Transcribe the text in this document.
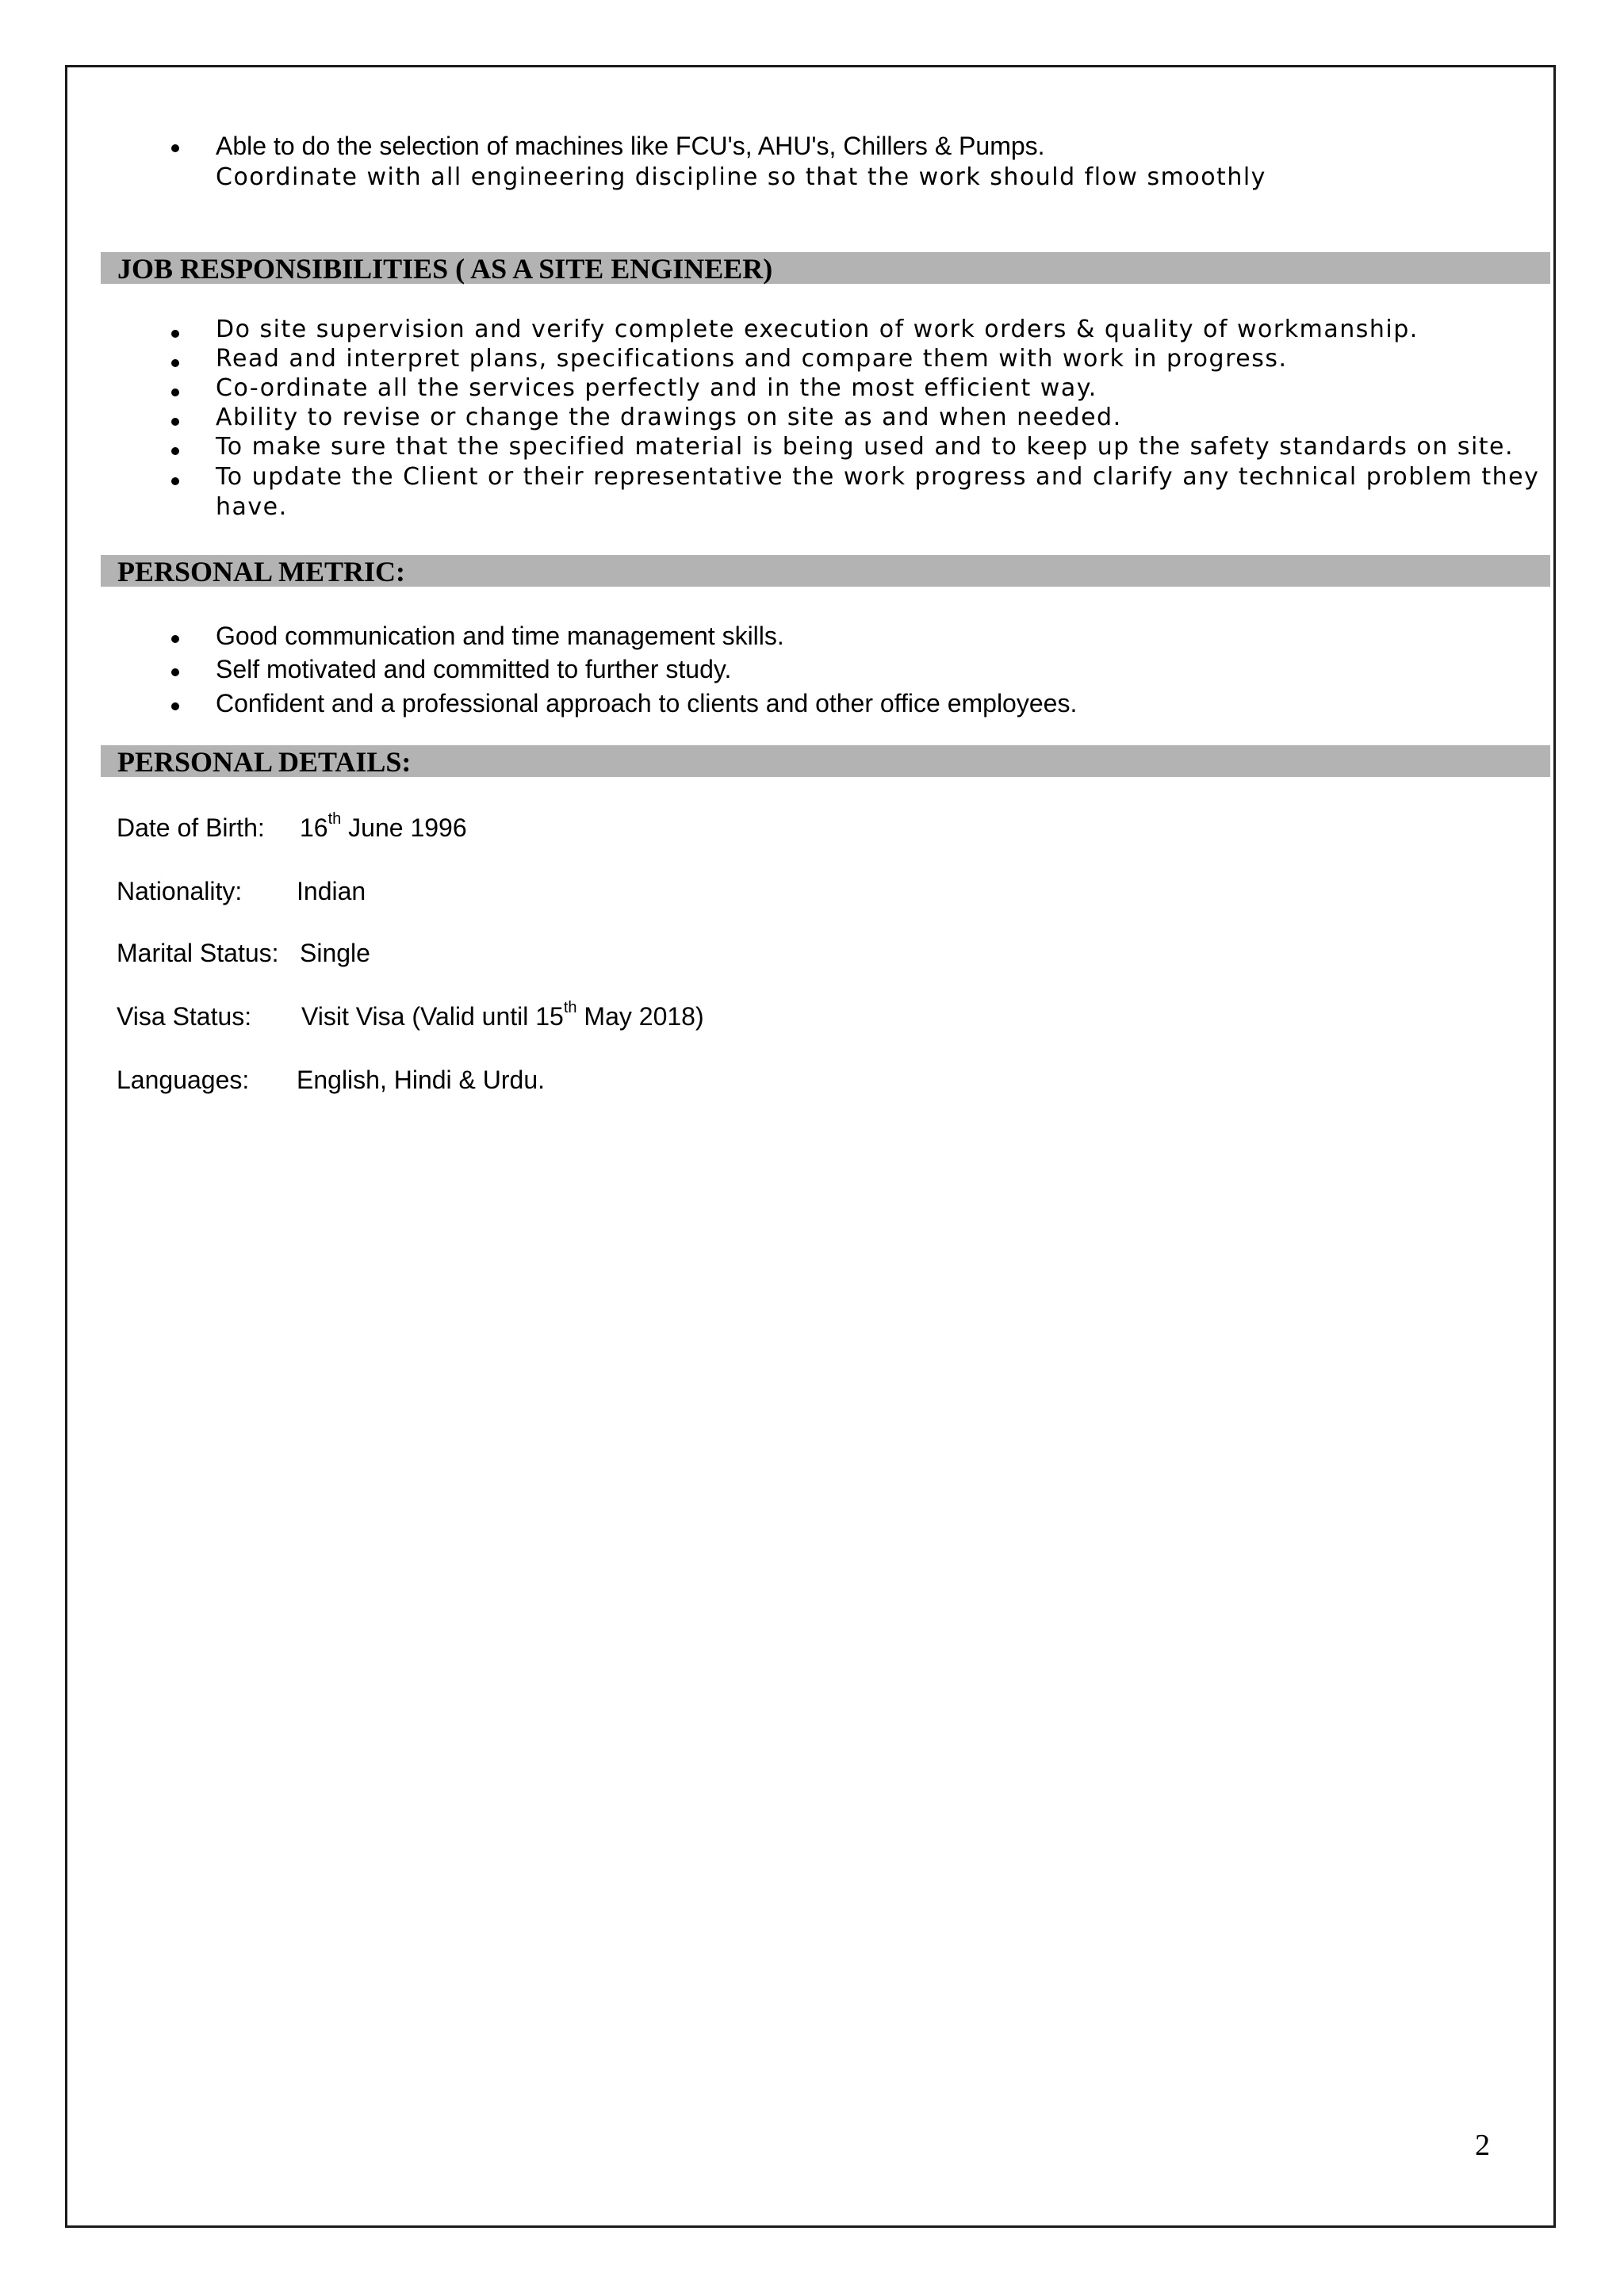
Able to do the selection of machines like FCU's, AHU's, Chillers & Pumps.
Coordinate with all engineering discipline so that the work should flow smoothly
JOB RESPONSIBILITIES ( AS A SITE ENGINEER)
Do site supervision and verify complete execution of work orders & quality of workmanship.
Read and interpret plans, specifications and compare them with work in progress.
Co-ordinate all the services perfectly and in the most efficient way.
Ability to revise or change the drawings on site as and when needed.
To make sure that the specified material is being used and to keep up the safety standards on site.
To update the Client or their representative the work progress and clarify any technical problem they
have.
PERSONAL METRIC:
Good communication and time management skills.
Self motivated and committed to further study.
Confident and a professional approach to clients and other office employees.
PERSONAL DETAILS:
Date of Birth: 16th June 1996
Nationality: Indian
Marital Status: Single
Visa Status: Visit Visa (Valid until 15th May 2018)
Languages: English, Hindi & Urdu.
2
